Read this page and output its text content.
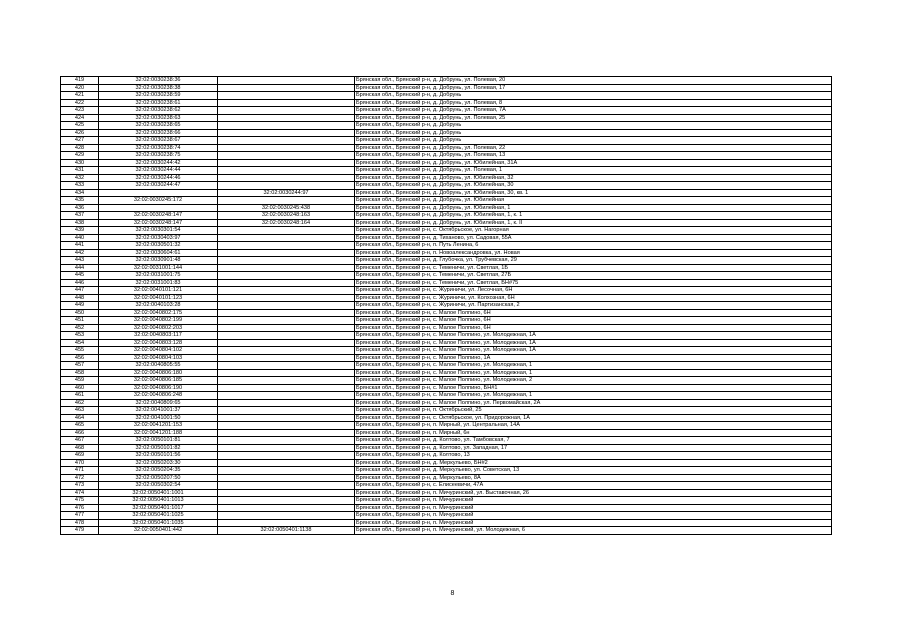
419	32:02:0030238:36		Брянская обл., Брянский р-н, д. Добрунь, ул. Полевая, 20
420	32:02:0030238:38		Брянская обл., Брянский р-н, д. Добрунь, ул. Полевая, 17
421	32:02:0030238:59		Брянская обл., Брянский р-н, д. Добрунь
422	32:02:0030238:61		Брянская обл., Брянский р-н, д. Добрунь, ул. Полевая, 8
423	32:02:0030238:62		Брянская обл., Брянский р-н, д. Добрунь, ул. Полевая, 7А
424	32:02:0030238:63		Брянская обл., Брянский р-н, д. Добрунь, ул. Полевая, 25
425	32:02:0030238:65		Брянская обл., Брянский р-н, д. Добрунь
426	32:02:0030238:66		Брянская обл., Брянский р-н, д. Добрунь
427	32:02:0030238:67		Брянская обл., Брянский р-н, д. Добрунь
428	32:02:0030238:74		Брянская обл., Брянский р-н, д. Добрунь, ул. Полевая, 22
429	32:02:0030238:75		Брянская обл., Брянский р-н, д. Добрунь, ул. Полевая, 13
430	32:02:0030244:42		Брянская обл., Брянский р-н, д. Добрунь, ул. Юбилейная, 31А
431	32:02:0030244:44		Брянская обл., Брянский р-н, д. Добрунь, ул. Полевая, 1
432	32:02:0030244:46		Брянская обл., Брянский р-н, д. Добрунь, ул. Юбилейная, 32
433	32:02:0030244:47		Брянская обл., Брянский р-н, д. Добрунь, ул. Юбилейная, 30
434		32:02:0030244:97	Брянская обл., Брянский р-н, д. Добрунь, ул. Юбилейная, 30, кв. 1
435	32:02:0030245:172		Брянская обл., Брянский р-н, д. Добрунь, ул. Юбилейная
436		32:02:0030245:438	Брянская обл., Брянский р-н, д. Добрунь, ул. Юбилейная, 1
437	32:02:0030248:147	32:02:0030248:163	Брянская обл., Брянский р-н, д. Добрунь, ул. Юбилейная, 1, к. 1
438	32:02:0030248:147	32:02:0030248:164	Брянская обл., Брянский р-н, д. Добрунь, ул. Юбилейная, 1, к. II
439	32:02:0030301:54		Брянская обл., Брянский р-н, с. Октябрьское, ул. Нагорная
440	32:02:0030403:97		Брянская обл., Брянский р-н, д. Тиханово, ул. Садовая, 55А
441	32:02:0030501:32		Брянская обл., Брянский р-н, п. Путь Ленина, 6
442	32:02:0030604:61		Брянская обл., Брянский р-н, п. Новоалександровка, ул. Новая
443	32:02:0030901:48		Брянская обл., Брянский р-н, д. Глубочка, ул. Трубчевская, 29
444	32:02:0031001:144		Брянская обл., Брянский р-н, с. Теменичи, ул. Светлая, 1Б
445	32:02:0031001:75		Брянская обл., Брянский р-н, с. Теменичи, ул. Светлая, 27Б
446	32:02:0031001:83		Брянская обл., Брянский р-н, с. Теменичи, ул. Светлая, БН#75
447	32:02:0040101:121		Брянская обл., Брянский р-н, с. Журиничи, ул. Лесочная, 6Н
448	32:02:0040101:123		Брянская обл., Брянский р-н, с. Журиничи, ул. Колхозная, 6Н
449	32:02:0040103:28		Брянская обл., Брянский р-н, с. Журиничи, ул. Партизанская, 2
450	32:02:0040802:175		Брянская обл., Брянский р-н, с. Малое Полпино, 6Н
451	32:02:0040802:199		Брянская обл., Брянский р-н, с. Малое Полпино, 6Н
452	32:02:0040802:203		Брянская обл., Брянский р-н, с. Малое Полпино, 6Н
453	32:02:0040803:117		Брянская обл., Брянский р-н, с. Малое Полпино, ул. Молодежная, 1А
454	32:02:0040803:128		Брянская обл., Брянский р-н, с. Малое Полпино, ул. Молодежная, 1А
455	32:02:0040804:102		Брянская обл., Брянский р-н, с. Малое Полпино, ул. Молодежная, 1А
456	32:02:0040804:103		Брянская обл., Брянский р-н, с. Малое Полпино, 1А
457	32:02:0040805:55		Брянская обл., Брянский р-н, с. Малое Полпино, ул. Молодежная, 1
458	32:02:0040806:180		Брянская обл., Брянский р-н, с. Малое Полпино, ул. Молодежная, 1
459	32:02:0040806:185		Брянская обл., Брянский р-н, с. Малое Полпино, ул. Молодежная, 2
460	32:02:0040806:190		Брянская обл., Брянский р-н, с. Малое Полпино, БН#1
461	32:02:0040806:248		Брянская обл., Брянский р-н, с. Малое Полпино, ул. Молодежная, 1
462	32:02:0040809:65		Брянская обл., Брянский р-н, с. Малое Полпино, ул. Первомайская, 2А
463	32:02:0041001:37		Брянская обл., Брянский р-н, п. Октябрьский, 25
464	32:02:0041001:50		Брянская обл., Брянский р-н, с. Октябрьское, ул. Придорожная, 1А
465	32:02:0041201:153		Брянская обл., Брянский р-н, п. Мирный, ул. Центральная, 14А
466	32:02:0041201:188		Брянская обл., Брянский р-н, п. Мирный, 6н
467	32:02:0050101:81		Брянская обл., Брянский р-н, д. Колтово, ул. Тамбовская, 7
468	32:02:0050101:82		Брянская обл., Брянский р-н, д. Колтово, ул. Западная, 17
469	32:02:0050101:56		Брянская обл., Брянский р-н, д. Колтово, 13
470	32:02:0050203:30		Брянская обл., Брянский р-н, д. Меркульево, БН#2
471	32:02:0050204:35		Брянская обл., Брянский р-н, д. Меркульево, ул. Советская, 13
472	32:02:0050207:50		Брянская обл., Брянский р-н, д. Меркульево, 8А
473	32:02:0050302:54		Брянская обл., Брянский р-н, с. Елисеевичи, 47А
474	32:02:0050401:1001		Брянская обл., Брянский р-н, п. Мичуринский, ул. Выставочная, 26
475	32:02:0050401:1013		Брянская обл., Брянский р-н, п. Мичуринский
476	32:02:0050401:1017		Брянская обл., Брянский р-н, п. Мичуринский
477	32:02:0050401:1025		Брянская обл., Брянский р-н, п. Мичуринский
478	32:02:0050401:1035		Брянская обл., Брянский р-н, п. Мичуринский
479	32:02:0050401:442	32:02:0050401:1138	Брянская обл., Брянский р-н, п. Мичуринский, ул. Молодежная, 6
8
